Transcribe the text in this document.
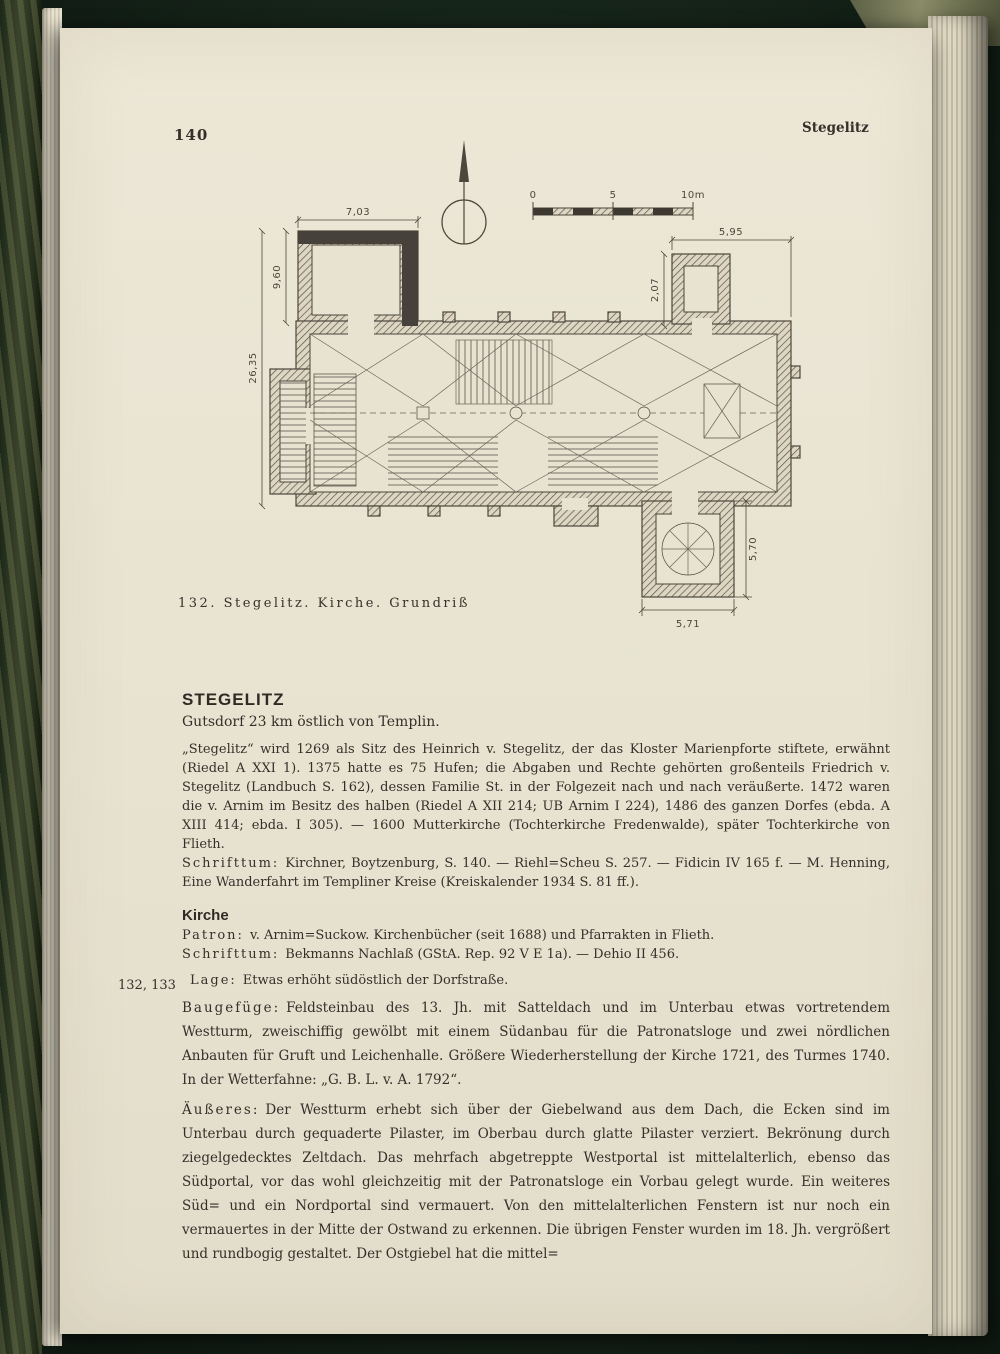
140	Stegelitz
0	5	10m
7,03
5,95
2,07
9,60
26,35
5,70
5,71
132. Stegelitz. Kirche. Grundriß
132, 133
STEGELITZ

Gutsdorf 23 km östlich von Templin.

„Stegelitz“ wird 1269 als Sitz des Heinrich v. Stegelitz, der das Kloster Marienpforte stiftete, erwähnt (Riedel A XXI 1). 1375 hatte es 75 Hufen; die Abgaben und Rechte gehörten großenteils Friedrich v. Stegelitz (Landbuch S. 162), dessen Familie St. in der Folgezeit nach und nach veräußerte. 1472 waren die v. Arnim im Besitz des halben (Riedel A XII 214; UB Arnim I 224), 1486 des ganzen Dorfes (ebda. A XIII 414; ebda. I 305). — 1600 Mutterkirche (Tochterkirche Fredenwalde), später Tochterkirche von Flieth.

Schrifttum: Kirchner, Boytzenburg, S. 140. — Riehl=Scheu S. 257. — Fidicin IV 165 f. — M. Henning, Eine Wanderfahrt im Templiner Kreise (Kreiskalender 1934 S. 81 ff.).

Kirche

Patron: v. Arnim=Suckow. Kirchenbücher (seit 1688) und Pfarrakten in Flieth.

Schrifttum: Bekmanns Nachlaß (GStA. Rep. 92 V E 1a). — Dehio II 456.

Lage: Etwas erhöht südöstlich der Dorfstraße.

Baugefüge: Feldsteinbau des 13. Jh. mit Satteldach und im Unterbau etwas vortretendem Westturm, zweischiffig gewölbt mit einem Südanbau für die Patronatsloge und zwei nördlichen Anbauten für Gruft und Leichenhalle. Größere Wiederherstellung der Kirche 1721, des Turmes 1740. In der Wetterfahne: „G. B. L. v. A. 1792“.

Äußeres: Der Westturm erhebt sich über der Giebelwand aus dem Dach, die Ecken sind im Unterbau durch gequaderte Pilaster, im Oberbau durch glatte Pilaster verziert. Bekrönung durch ziegelgedecktes Zeltdach. Das mehrfach abgetreppte Westportal ist mittelalterlich, ebenso das Südportal, vor das wohl gleichzeitig mit der Patronatsloge ein Vorbau gelegt wurde. Ein weiteres Süd= und ein Nordportal sind vermauert. Von den mittelalterlichen Fenstern ist nur noch ein vermauertes in der Mitte der Ostwand zu erkennen. Die übrigen Fenster wurden im 18. Jh. vergrößert und rundbogig gestaltet. Der Ostgiebel hat die mittel=
